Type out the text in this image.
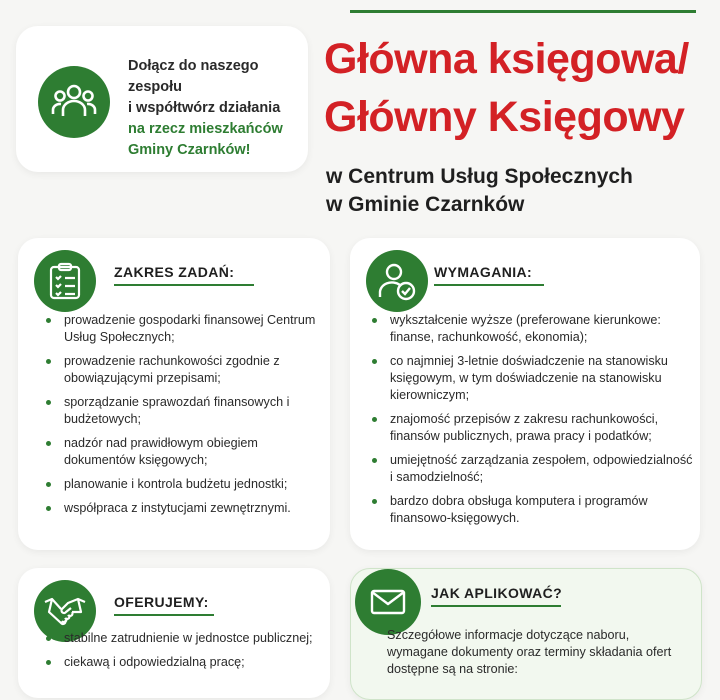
Dołącz do naszego zespołu
i współtwórz działania
na rzecz mieszkańców
Gminy Czarnków!
Główna księgowa/
Główny Księgowy
w Centrum Usług Społecznych
w Gminie Czarnków
ZAKRES ZADAŃ:
prowadzenie gospodarki finansowej Centrum Usług Społecznych;
prowadzenie rachunkowości zgodnie z obowiązującymi przepisami;
sporządzanie sprawozdań finansowych i budżetowych;
nadzór nad prawidłowym obiegiem dokumentów księgowych;
planowanie i kontrola budżetu jednostki;
współpraca z instytucjami zewnętrznymi.
WYMAGANIA:
wykształcenie wyższe (preferowane kierunkowe: finanse, rachunkowość, ekonomia);
co najmniej 3-letnie doświadczenie na stanowisku księgowym, w tym doświadczenie na stanowisku kierowniczym;
znajomość przepisów z zakresu rachunkowości, finansów publicznych, prawa pracy i podatków;
umiejętność zarządzania zespołem, odpowiedzialność i samodzielność;
bardzo dobra obsługa komputera i programów finansowo-księgowych.
OFERUJEMY:
stabilne zatrudnienie w jednostce publicznej;
ciekawą i odpowiedzialną pracę;
JAK APLIKOWAĆ?
Szczegółowe informacje dotyczące naboru, wymagane dokumenty oraz terminy składania ofert dostępne są na stronie:
